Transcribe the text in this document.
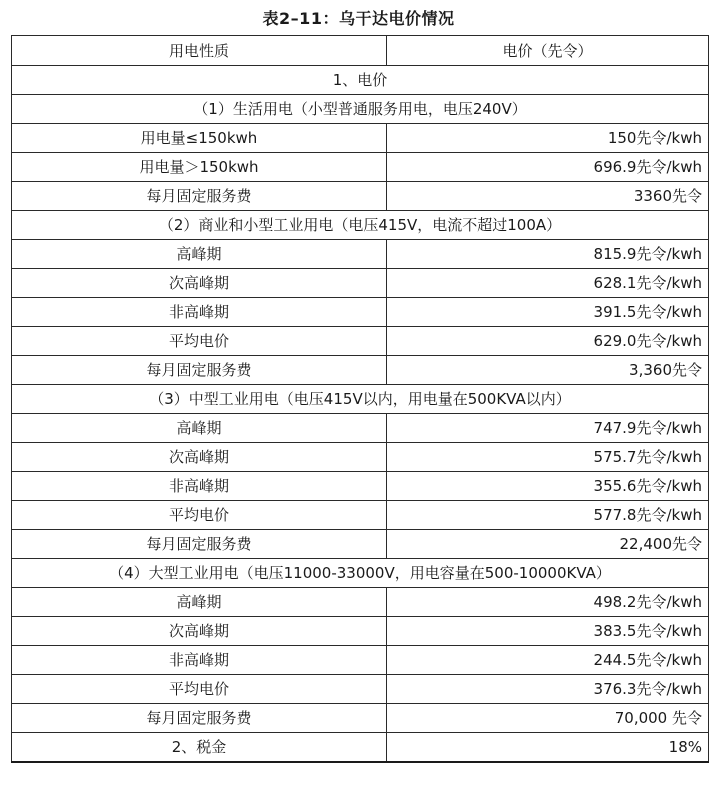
表2–11：乌干达电价情况
用电性质	电价（先令）
1、电价	
（1）生活用电（小型普通服务用电，电压240V）	
用电量≤150kwh	150先令/kwh
用电量＞150kwh	696.9先令/kwh
每月固定服务费	3360先令
（2）商业和小型工业用电（电压415V，电流不超过100A）	
高峰期	815.9先令/kwh
次高峰期	628.1先令/kwh
非高峰期	391.5先令/kwh
平均电价	629.0先令/kwh
每月固定服务费	3,360先令
（3）中型工业用电（电压415V以内，用电量在500KVA以内）	
高峰期	747.9先令/kwh
次高峰期	575.7先令/kwh
非高峰期	355.6先令/kwh
平均电价	577.8先令/kwh
每月固定服务费	22,400先令
（4）大型工业用电（电压11000-33000V，用电容量在500-10000KVA）	
高峰期	498.2先令/kwh
次高峰期	383.5先令/kwh
非高峰期	244.5先令/kwh
平均电价	376.3先令/kwh
每月固定服务费	70,000 先令
2、税金	18%
